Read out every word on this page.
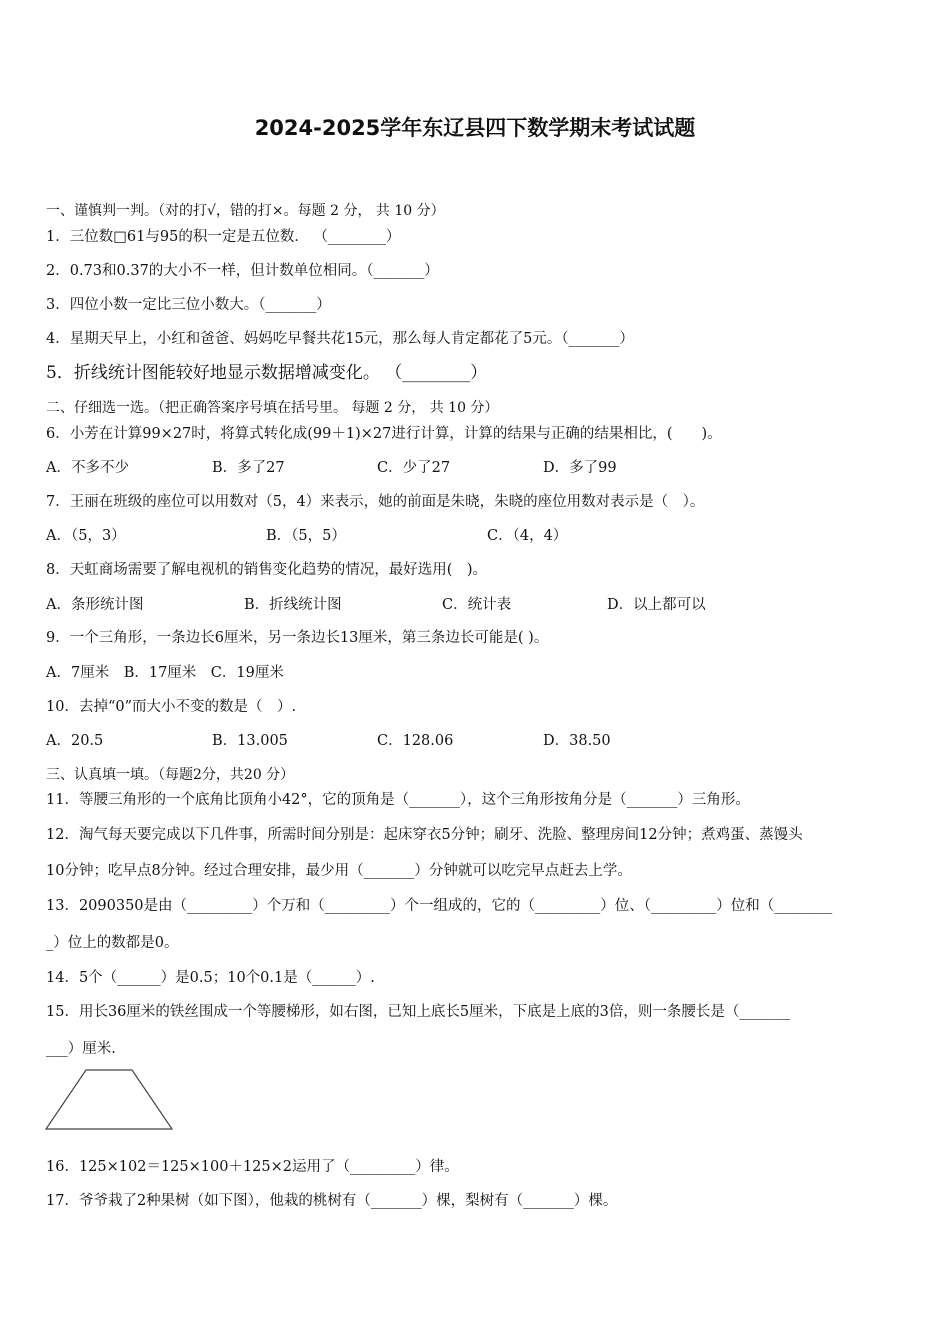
2024-2025学年东辽县四下数学期末考试试题
一、谨慎判一判。（对的打√，错的打×。每题 2 分， 共 10 分）
1．三位数□61与95的积一定是五位数． （________）
2．0.73和0.37的大小不一样，但计数单位相同。（_______）
3．四位小数一定比三位小数大。（_______）
4．星期天早上，小红和爸爸、妈妈吃早餐共花15元，那么每人肯定都花了5元。（_______）
5．折线统计图能较好地显示数据增减变化。 （________）
二、仔细选一选。（把正确答案序号填在括号里。 每题 2 分， 共 10 分）
6．小芳在计算99×27时，将算式转化成(99＋1)×27进行计算，计算的结果与正确的结果相比，(　　)。
A．不多不少	B．多了27	C．少了27	D．多了99
7．王丽在班级的座位可以用数对（5，4）来表示，她的前面是朱晓，朱晓的座位用数对表示是（　）。
A．（5，3）	B．（5，5）	C．（4，4）
8．天虹商场需要了解电视机的销售变化趋势的情况，最好选用(　)。
A．条形统计图	B．折线统计图	C．统计表	D．以上都可以
9．一个三角形，一条边长6厘米，另一条边长13厘米，第三条边长可能是( )。
A．7厘米　B．17厘米　C．19厘米
10．去掉“0”而大小不变的数是（　）.
A．20.5	B．13.005	C．128.06	D．38.50
三、认真填一填。（每题2分，共20 分）
11．等腰三角形的一个底角比顶角小42°，它的顶角是（_______），这个三角形按角分是（_______）三角形。
12．淘气每天要完成以下几件事，所需时间分别是：起床穿衣5分钟；刷牙、洗脸、整理房间12分钟；煮鸡蛋、蒸馒头
10分钟；吃早点8分钟。经过合理安排，最少用（_______）分钟就可以吃完早点赶去上学。
13．2090350是由（_________）个万和（_________）个一组成的，它的（_________）位、（_________）位和（________
_）位上的数都是0。
14．5个（______）是0.5；10个0.1是（______）.
15．用长36厘米的铁丝围成一个等腰梯形，如右图，已知上底长5厘米，下底是上底的3倍，则一条腰长是（_______
___）厘米.
16．125×102＝125×100＋125×2运用了（_________）律。
17．爷爷栽了2种果树（如下图），他栽的桃树有（_______）棵，梨树有（_______）棵。
